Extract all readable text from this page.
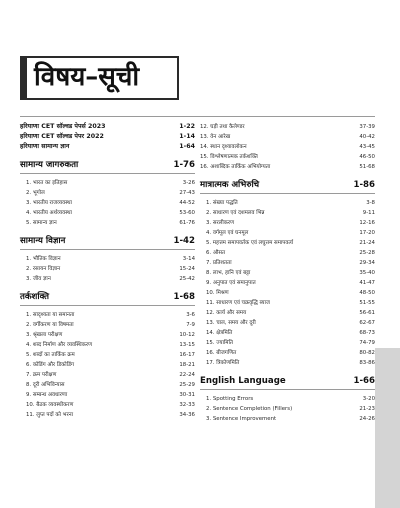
विषय–सूची
हरियाणा CET सॉल्वड पेपर्स 2023	1-22
हरियाणा CET सॉल्वड पेपर 2022	1-14
हरियाणा सामान्य ज्ञान	1-64
सामान्य जागरुकता	1-76
1. भारत का इतिहास	3-26
2. भूगोल	27-43
3. भारतीय राजव्यवस्था	44-52
4. भारतीय अर्थव्यवस्था	53-60
5. सामान्य ज्ञान	61-76
सामान्य विज्ञान	1-42
1. भौतिक विज्ञान	3-14
2. रसायन विज्ञान	15-24
3. जीव ज्ञान	25-42
तर्कशक्ति	1-68
1. सादृश्यता या समानता	3-6
2. वर्गीकरण या विषमता	7-9
3. श्रृंखला परीक्षण	10-12
4. शब्द निर्माण और व्यवस्थिकरण	13-15
5. शब्दों का तार्किक क्रम	16-17
6. कोडिंग और डिकोडिंग	18-21
7. क्रम परीक्षण	22-24
8. दूरी अभिविन्यास	25-29
9. सम्बन्ध अवधारणा	30-31
10. बैठक व्यवस्थीकरण	32-33
11. लुप्त पदों को भरना	34-36
12. घड़ी तथा कैलेण्डर	37-39
13. वेन आरेख	40-42
14. स्थान दृश्यावलोकन	43-45
15. विश्लेषणात्मक तर्कशक्ति	46-50
16. अशाब्दिक तार्किक अभियोग्यता	51-68
मात्रात्मक अभिरुचि	1-86
1. संख्या पद्धति	3-8
2. साधारण एवं दशमलव भिन्न	9-11
3. सरलीकरण	12-16
4. वर्गमूल एवं घनमूल	17-20
5. महत्तम समापवर्तक एवं लघुत्तम समापवर्त्य	21-24
6. औसत	25-28
7. प्रतिशतता	29-34
8. लाभ, हानि एवं बट्टा	35-40
9. अनुपात एवं समानुपात	41-47
10. मिश्रण	48-50
11. साधारण एवं चक्रवृद्धि ब्याज	51-55
12. कार्य और समय	56-61
13. चाल, समय और दूरी	62-67
14. क्षेत्रमिति	68-73
15. ज्यामिति	74-79
16. बीजगणित	80-82
17. त्रिकोणमिति	83-86
English Language	1-66
1. Spotting Errors	3-20
2. Sentence Completion (Fillers)	21-23
3. Sentence Improvement	24-26
